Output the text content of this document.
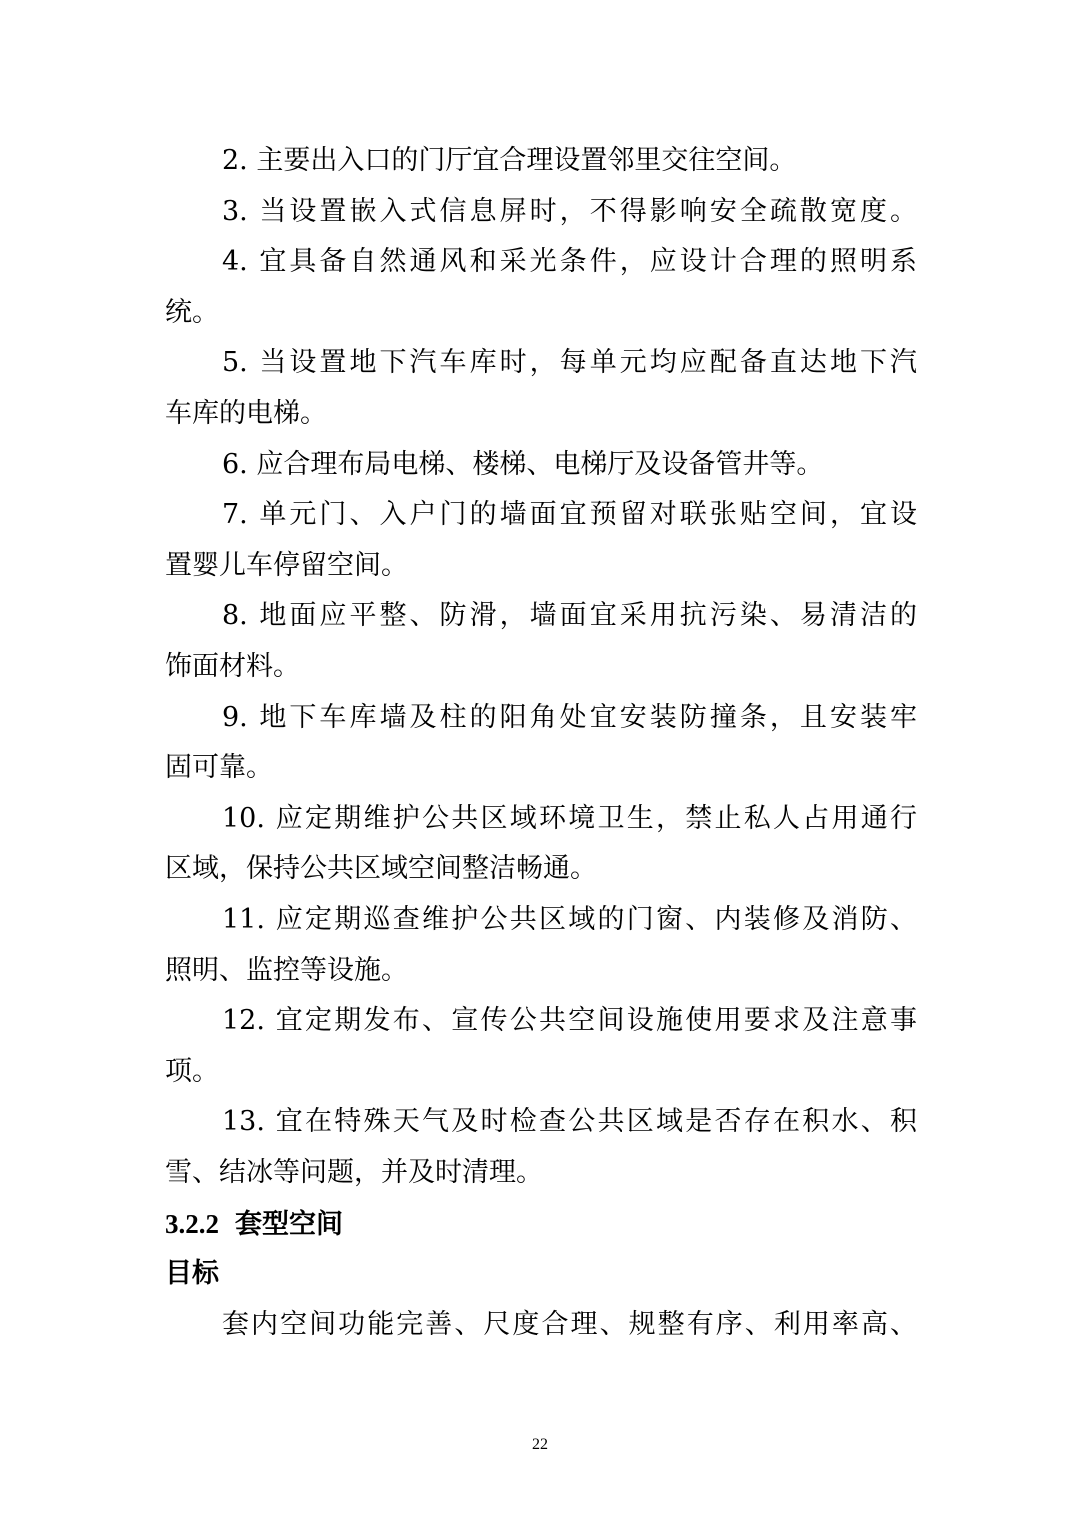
2. 主要出入口的门厅宜合理设置邻里交往空间。
3. 当设置嵌入式信息屏时，不得影响安全疏散宽度。
4. 宜具备自然通风和采光条件，应设计合理的照明系
统。
5. 当设置地下汽车库时，每单元均应配备直达地下汽
车库的电梯。
6. 应合理布局电梯、楼梯、电梯厅及设备管井等。
7. 单元门、入户门的墙面宜预留对联张贴空间，宜设
置婴儿车停留空间。
8. 地面应平整、防滑，墙面宜采用抗污染、易清洁的
饰面材料。
9. 地下车库墙及柱的阳角处宜安装防撞条，且安装牢
固可靠。
10. 应定期维护公共区域环境卫生，禁止私人占用通行
区域，保持公共区域空间整洁畅通。
11. 应定期巡查维护公共区域的门窗、内装修及消防、
照明、监控等设施。
12. 宜定期发布、宣传公共空间设施使用要求及注意事
项。
13. 宜在特殊天气及时检查公共区域是否存在积水、积
雪、结冰等问题，并及时清理。
3.2.2 套型空间
目标
套内空间功能完善、尺度合理、规整有序、利用率高、
22
